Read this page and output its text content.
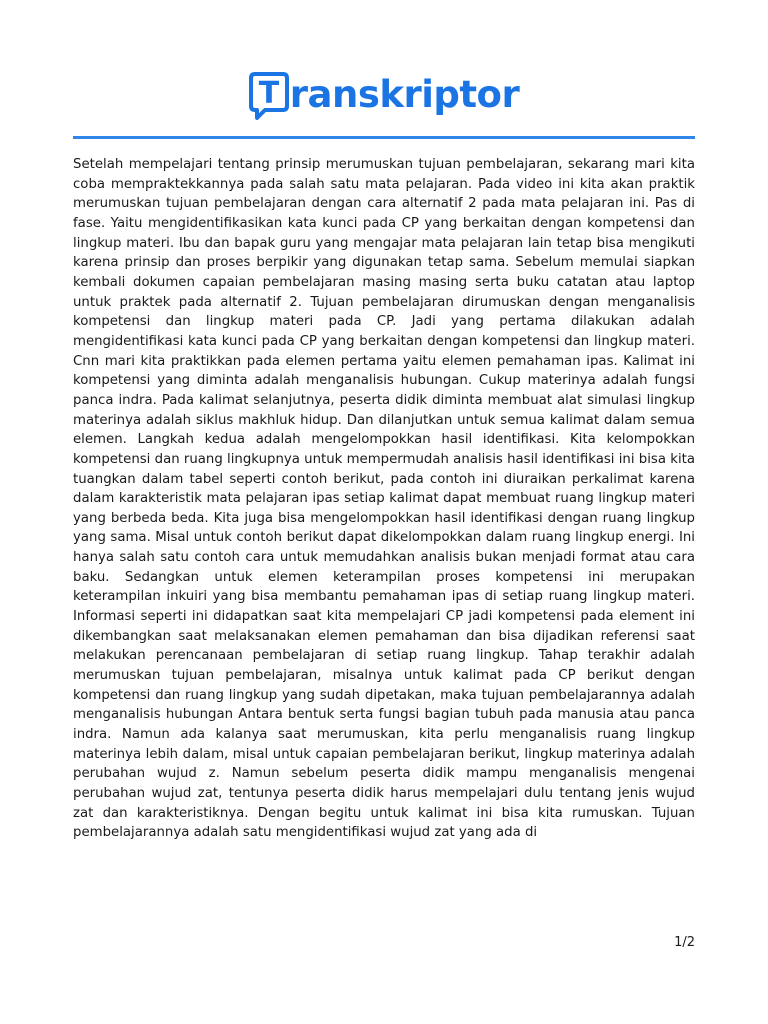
T ranskriptor
Setelah mempelajari tentang prinsip merumuskan tujuan pembelajaran, sekarang mari kita coba mempraktekkannya pada salah satu mata pelajaran. Pada video ini kita akan praktik merumuskan tujuan pembelajaran dengan cara alternatif 2 pada mata pelajaran ini. Pas di fase. Yaitu mengidentifikasikan kata kunci pada CP yang berkaitan dengan kompetensi dan lingkup materi. Ibu dan bapak guru yang mengajar mata pelajaran lain tetap bisa mengikuti karena prinsip dan proses berpikir yang digunakan tetap sama. Sebelum memulai siapkan kembali dokumen capaian pembelajaran masing masing serta buku catatan atau laptop untuk praktek pada alternatif 2. Tujuan pembelajaran dirumuskan dengan menganalisis kompetensi dan lingkup materi pada CP. Jadi yang pertama dilakukan adalah mengidentifikasi kata kunci pada CP yang berkaitan dengan kompetensi dan lingkup materi. Cnn mari kita praktikkan pada elemen pertama yaitu elemen pemahaman ipas. Kalimat ini kompetensi yang diminta adalah menganalisis hubungan. Cukup materinya adalah fungsi panca indra. Pada kalimat selanjutnya, peserta didik diminta membuat alat simulasi lingkup materinya adalah siklus makhluk hidup. Dan dilanjutkan untuk semua kalimat dalam semua elemen. Langkah kedua adalah mengelompokkan hasil identifikasi. Kita kelompokkan kompetensi dan ruang lingkupnya untuk mempermudah analisis hasil identifikasi ini bisa kita tuangkan dalam tabel seperti contoh berikut, pada contoh ini diuraikan perkalimat karena dalam karakteristik mata pelajaran ipas setiap kalimat dapat membuat ruang lingkup materi yang berbeda beda. Kita juga bisa mengelompokkan hasil identifikasi dengan ruang lingkup yang sama. Misal untuk contoh berikut dapat dikelompokkan dalam ruang lingkup energi. Ini hanya salah satu contoh cara untuk memudahkan analisis bukan menjadi format atau cara baku. Sedangkan untuk elemen keterampilan proses kompetensi ini merupakan keterampilan inkuiri yang bisa membantu pemahaman ipas di setiap ruang lingkup materi. Informasi seperti ini didapatkan saat kita mempelajari CP jadi kompetensi pada element ini dikembangkan saat melaksanakan elemen pemahaman dan bisa dijadikan referensi saat melakukan perencanaan pembelajaran di setiap ruang lingkup. Tahap terakhir adalah merumuskan tujuan pembelajaran, misalnya untuk kalimat pada CP berikut dengan kompetensi dan ruang lingkup yang sudah dipetakan, maka tujuan pembelajarannya adalah menganalisis hubungan Antara bentuk serta fungsi bagian tubuh pada manusia atau panca indra. Namun ada kalanya saat merumuskan, kita perlu menganalisis ruang lingkup materinya lebih dalam, misal untuk capaian pembelajaran berikut, lingkup materinya adalah perubahan wujud z. Namun sebelum peserta didik mampu menganalisis mengenai perubahan wujud zat, tentunya peserta didik harus mempelajari dulu tentang jenis wujud zat dan karakteristiknya. Dengan begitu untuk kalimat ini bisa kita rumuskan. Tujuan pembelajarannya adalah satu mengidentifikasi wujud zat yang ada di
1/2
